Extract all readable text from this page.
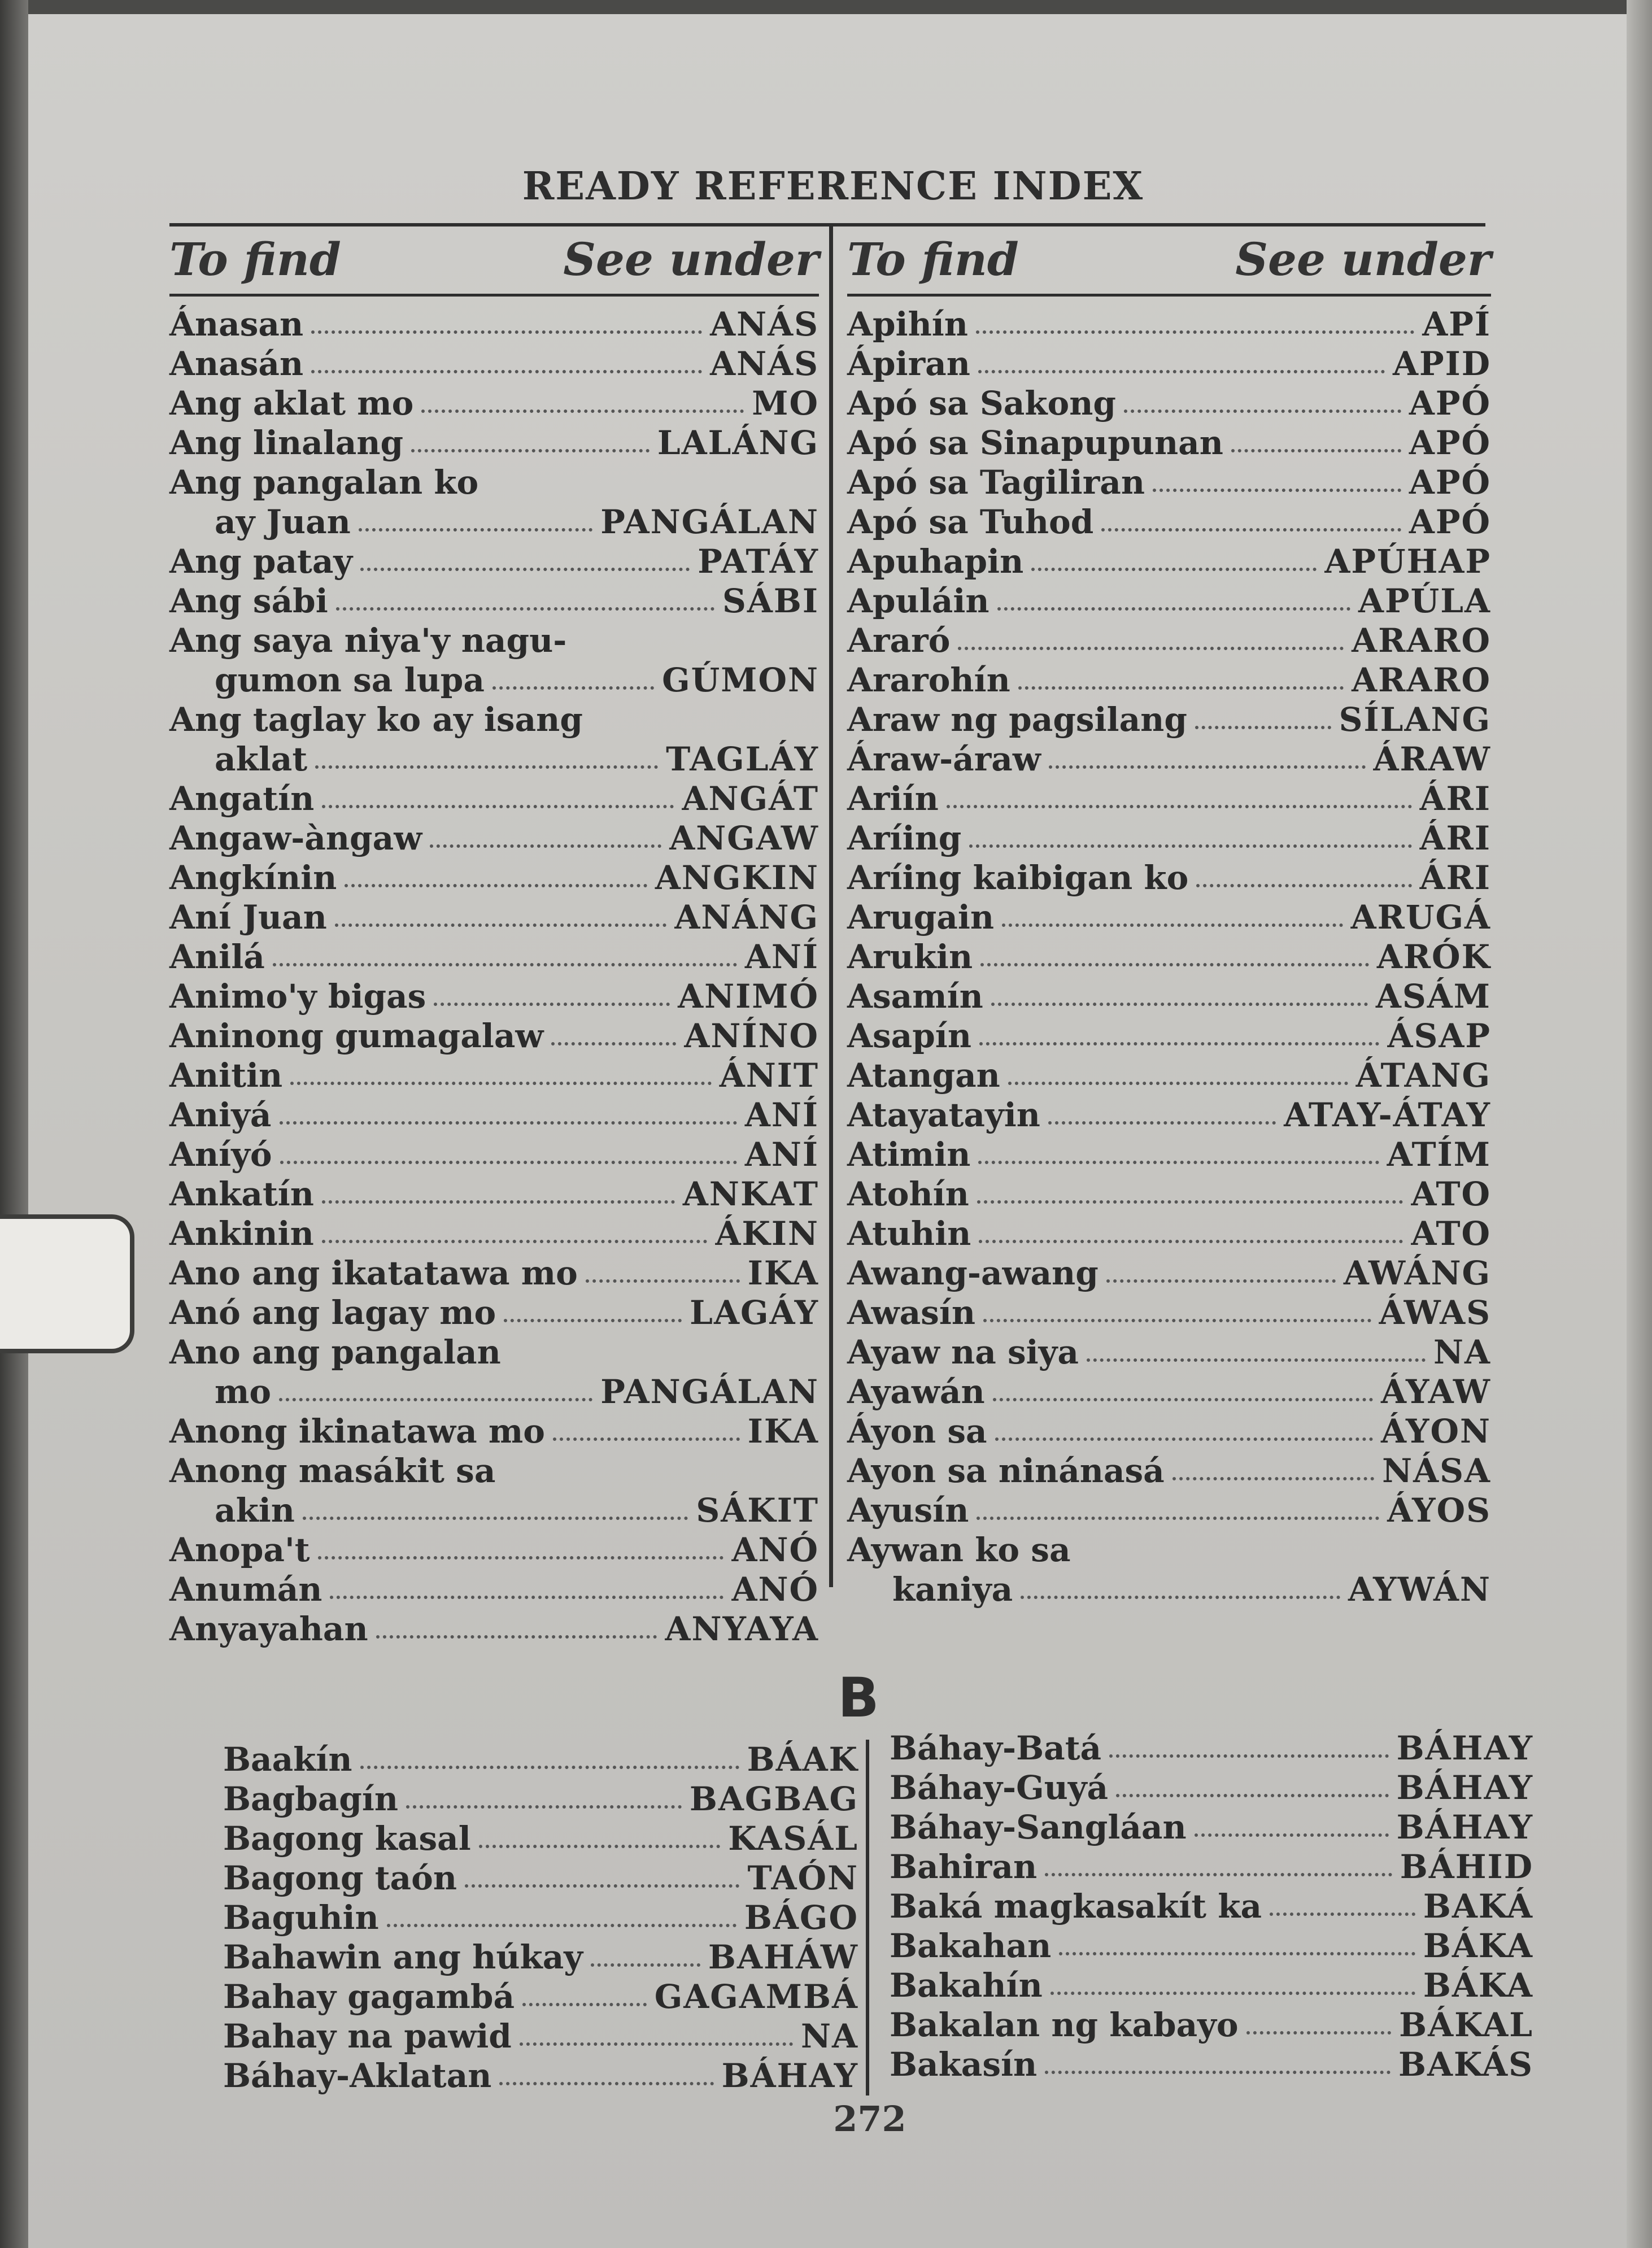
READY REFERENCE INDEX
To find	See under
Ánasan	ANÁS
Anasán	ANÁS
Ang aklat mo	MO
Ang linalang	LALÁNG
Ang pangalan ko
ay Juan	PANGÁLAN
Ang patay	PATÁY
Ang sábi	SÁBI
Ang saya niya'y nagu-
gumon sa lupa	GÚMON
Ang taglay ko ay isang
aklat	TAGLÁY
Angatín	ANGÁT
Angaw-àngaw	ANGAW
Angkínin	ANGKIN
Aní Juan	ANÁNG
Anilá	ANÍ
Animo'y bigas	ANIMÓ
Aninong gumagalaw	ANÍNO
Anitin	ÁNIT
Aniyá	ANÍ
Aníyó	ANÍ
Ankatín	ANKAT
Ankinin	ÁKIN
Ano ang ikatatawa mo	IKA
Anó ang lagay mo	LAGÁY
Ano ang pangalan
mo	PANGÁLAN
Anong ikinatawa mo	IKA
Anong masákit sa
akin	SÁKIT
Anopa't	ANÓ
Anumán	ANÓ
Anyayahan	ANYAYA
To find	See under
Apihín	APÍ
Ápiran	APID
Apó sa Sakong	APÓ
Apó sa Sinapupunan	APÓ
Apó sa Tagiliran	APÓ
Apó sa Tuhod	APÓ
Apuhapin	APÚHAP
Apuláin	APÚLA
Araró	ARARO
Ararohín	ARARO
Araw ng pagsilang	SÍLANG
Áraw-áraw	ÁRAW
Ariín	ÁRI
Aríing	ÁRI
Aríing kaibigan ko	ÁRI
Arugain	ARUGÁ
Arukin	ARÓK
Asamín	ASÁM
Asapín	ÁSAP
Atangan	ÁTANG
Atayatayin	ATAY-ÁTAY
Atimin	ATÍM
Atohín	ATO
Atuhin	ATO
Awang-awang	AWÁNG
Awasín	ÁWAS
Ayaw na siya	NA
Ayawán	ÁYAW
Áyon sa	ÁYON
Ayon sa ninánasá	NÁSA
Ayusín	ÁYOS
Aywan ko sa
kaniya	AYWÁN
B
Baakín	BÁAK
Bagbagín	BAGBAG
Bagong kasal	KASÁL
Bagong taón	TAÓN
Baguhin	BÁGO
Bahawin ang húkay	BAHÁW
Bahay gagambá	GAGAMBÁ
Bahay na pawid	NA
Báhay-Aklatan	BÁHAY
Báhay-Batá	BÁHAY
Báhay-Guyá	BÁHAY
Báhay-Sangláan	BÁHAY
Bahiran	BÁHID
Baká magkasakít ka	BAKÁ
Bakahan	BÁKA
Bakahín	BÁKA
Bakalan ng kabayo	BÁKAL
Bakasín	BAKÁS
272
